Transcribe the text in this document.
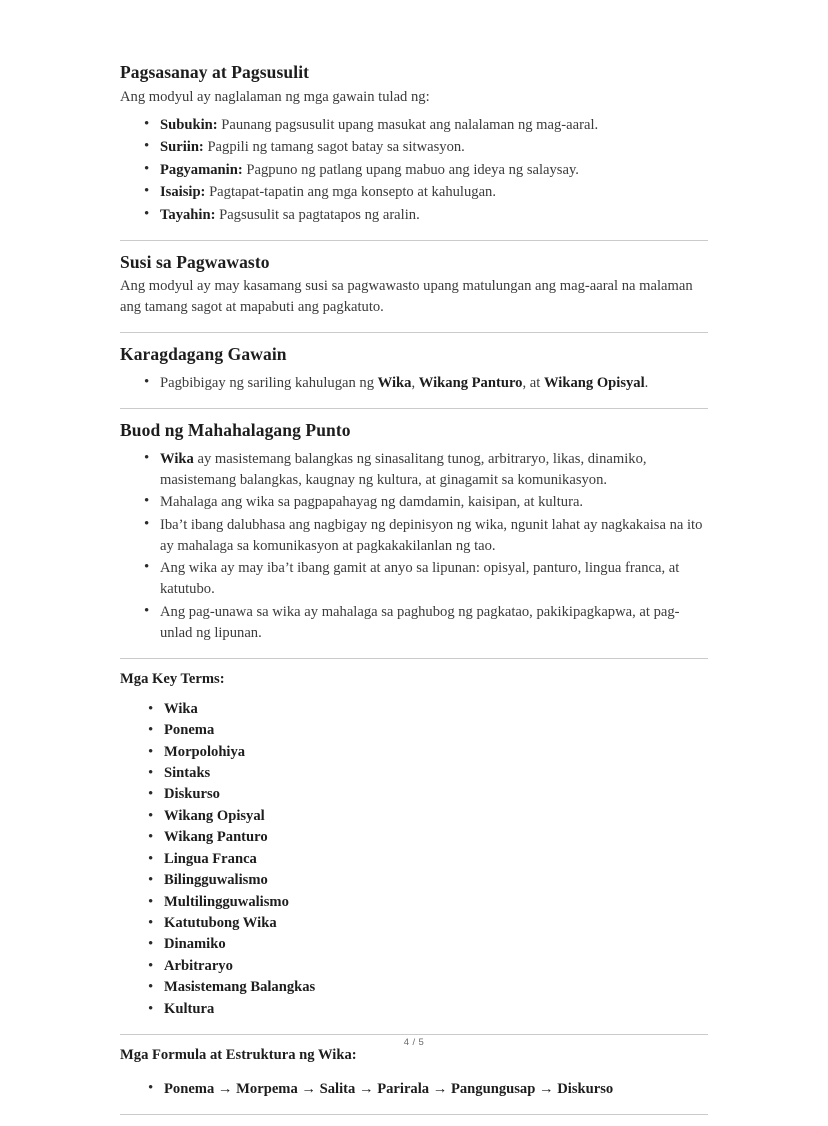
Pagsasanay at Pagsusulit

Ang modyul ay naglalaman ng mga gawain tulad ng:

• Subukin: Paunang pagsusulit upang masukat ang nalalaman ng mag-aaral.
• Suriin: Pagpili ng tamang sagot batay sa sitwasyon.
• Pagyamanin: Pagpuno ng patlang upang mabuo ang ideya ng salaysay.
• Isaisip: Pagtapat-tapatin ang mga konsepto at kahulugan.
• Tayahin: Pagsusulit sa pagtatapos ng aralin.
Susi sa Pagwawasto

Ang modyul ay may kasamang susi sa pagwawasto upang matulungan ang mag-aaral na malaman ang tamang sagot at mapabuti ang pagkatuto.

Karagdagang Gawain
• Pagbibigay ng sariling kahulugan ng Wika, Wikang Panturo, at Wikang Opisyal.
Buod ng Mahahalagang Punto
• Wika ay masistemang balangkas ng sinasalitang tunog, arbitraryo, likas, dinamiko, masistemang balangkas, kaugnay ng kultura, at ginagamit sa komunikasyon.
• Mahalaga ang wika sa pagpapahayag ng damdamin, kaisipan, at kultura.
• Iba’t ibang dalubhasa ang nagbigay ng depinisyon ng wika, ngunit lahat ay nagkakaisa na ito ay mahalaga sa komunikasyon at pagkakakilanlan ng tao.
• Ang wika ay may iba’t ibang gamit at anyo sa lipunan: opisyal, panturo, lingua franca, at katutubo.
• Ang pag-unawa sa wika ay mahalaga sa paghubog ng pagkatao, pakikipagkapwa, at pag-unlad ng lipunan.
Mga Key Terms:
• Wika
• Ponema
• Morpolohiya
• Sintaks
• Diskurso
• Wikang Opisyal
• Wikang Panturo
• Lingua Franca
• Bilingguwalismo
• Multilingguwalismo
• Katutubong Wika
• Dinamiko
• Arbitraryo
• Masistemang Balangkas
• Kultura
Mga Formula at Estruktura ng Wika:
• Ponema → Morpema → Salita → Parirala → Pangungusap → Diskurso
4 / 5
